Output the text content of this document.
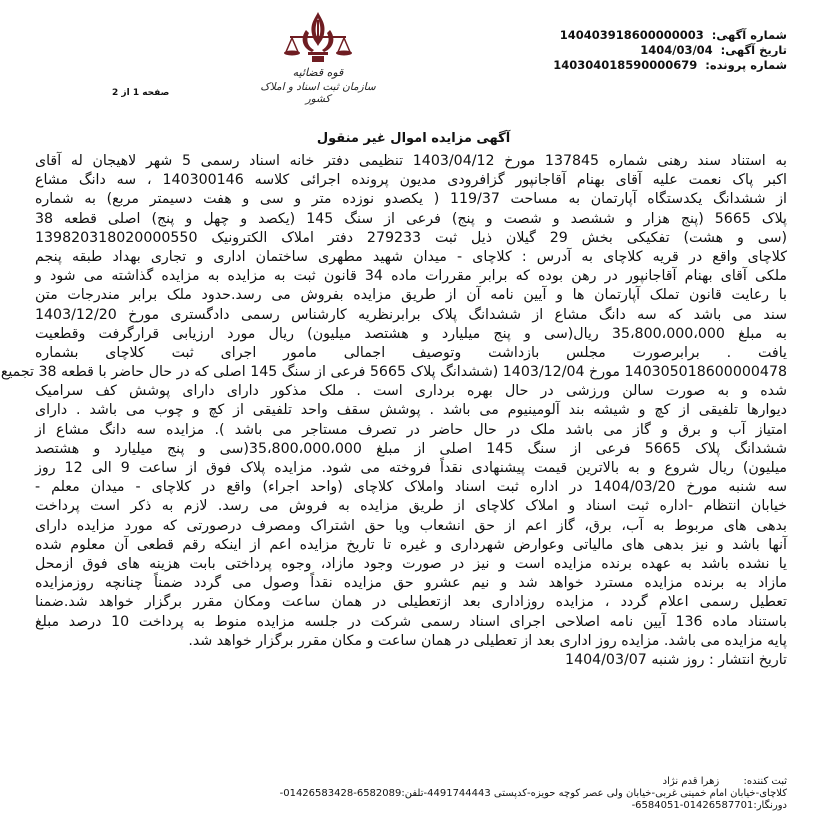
قوه قضائیه
سازمان ثبت اسناد و املاک کشور
صفحه 1 از 2
شماره آگهی: 140403918600000003
تاریخ آگهی: 1404/03/04
شماره پرونده: 140304018590000679
آگهی مزایده اموال غیر منقول
به استناد سند رهنی شماره 137845 مورخ 1403/04/12 تنظیمی دفتر خانه اسناد رسمی 5 شهر لاهیجان له آقای
اکبر پاک نعمت علیه آقای بهنام آقاجانپور گزافرودی مدیون پرونده اجرائی کلاسه 140300146 ، سه دانگ مشاع
از ششدانگ یکدستگاه آپارتمان به مساحت 119/37 ( یکصدو نوزده متر و سی و هفت دسیمتر مربع) به شماره
پلاک 5665 (پنج هزار و ششصد و شصت و پنج) فرعی از سنگ 145 (یکصد و چهل و پنج) اصلی قطعه 38
(سی و هشت) تفکیکی بخش 29 گیلان ذیل ثبت 279233 دفتر املاک الکترونیک 139820318020000550
کلاچای واقع در قریه کلاچای به آدرس : کلاچای - میدان شهید مطهری ساختمان اداری و تجاری بهداد طبقه پنجم
ملکی آقای بهنام آقاجانپور در رهن بوده که برابر مقررات ماده 34 قانون ثبت به مزایده به مزایده گذاشته می شود و
با رعایت قانون تملک آپارتمان ها و آیین نامه آن از طریق مزایده بفروش می رسد.حدود ملک برابر مندرجات متن
سند می باشد که سه دانگ مشاع از ششدانگ پلاک برابرنظریه کارشناس رسمی دادگستری مورخ 1403/12/20
به مبلغ 35،800،000،000 ریال(سی و پنج میلیارد و هشتصد میلیون) ریال مورد ارزیابی قرارگرفت وقطعیت
یافت . برابرصورت مجلس بازداشت وتوصیف اجمالی مامور اجرای ثبت کلاچای بشماره
140305018600000478 مورخ 1403/12/04 (ششدانگ پلاک 5665 فرعی از سنگ 145 اصلی که در حال حاضر با قطعه 38 تجمیع
شده و به صورت سالن ورزشی در حال بهره برداری است . ملک مذکور دارای دارای پوشش کف سرامیک
دیوارها تلفیقی از کچ و شیشه بند آلومینیوم می باشد . پوشش سقف واحد تلفیقی از کچ و چوب می باشد . دارای
امتیاز آب و برق و گاز می باشد ملک در حال حاضر در تصرف مستاجر می باشد ). مزایده سه دانگ مشاع از
ششدانگ پلاک 5665 فرعی از سنگ 145 اصلی از مبلغ 35،800،000،000(سی و پنج میلیارد و هشتصد
میلیون) ریال شروع و به بالاترین قیمت پیشنهادی نقداً فروخته می شود. مزایده پلاک فوق از ساعت 9 الی 12 روز
سه شنبه مورخ 1404/03/20 در اداره ثبت اسناد واملاک کلاچای (واحد اجراء) واقع در کلاچای - میدان معلم -
خیابان انتظام -اداره ثبت اسناد و املاک کلاچای از طریق مزایده به فروش می رسد. لازم به ذکر است پرداخت
بدهی های مربوط به آب، برق، گاز اعم از حق انشعاب ویا حق اشتراک ومصرف درصورتی که مورد مزایده دارای
آنها باشد و نیز بدهی های مالیاتی وعوارض شهرداری و غیره تا تاریخ مزایده اعم از اینکه رقم قطعی آن معلوم شده
یا نشده باشد به عهده برنده مزایده است و نیز در صورت وجود مازاد، وجوه پرداختی بابت هزینه های فوق ازمحل
مازاد به برنده مزایده مسترد خواهد شد و نیم عشرو حق مزایده نقداً وصول می گردد ضمناً چنانچه روزمزایده
تعطیل رسمی اعلام گردد ، مزایده روزاداری بعد ازتعطیلی در همان ساعت ومکان مقرر برگزار خواهد شد.ضمنا
باستناد ماده 136 آیین نامه اصلاحی اجرای اسناد رسمی شرکت در جلسه مزایده منوط به پرداخت 10 درصد مبلغ
پایه مزایده می باشد. مزایده روز اداری بعد از تعطیلی در همان ساعت و مکان مقرر برگزار خواهد شد.
تاریخ انتشار : روز شنبه 1404/03/07
ثبت کننده:  زهرا قدم نژاد
کلاچای-خیابان امام خمینی غربی-خیابان ولی عصر کوچه حویزه-کدپستی 4491744443-تلفن:6582089-01426583428-
دورنگار:01426587701-6584051-
